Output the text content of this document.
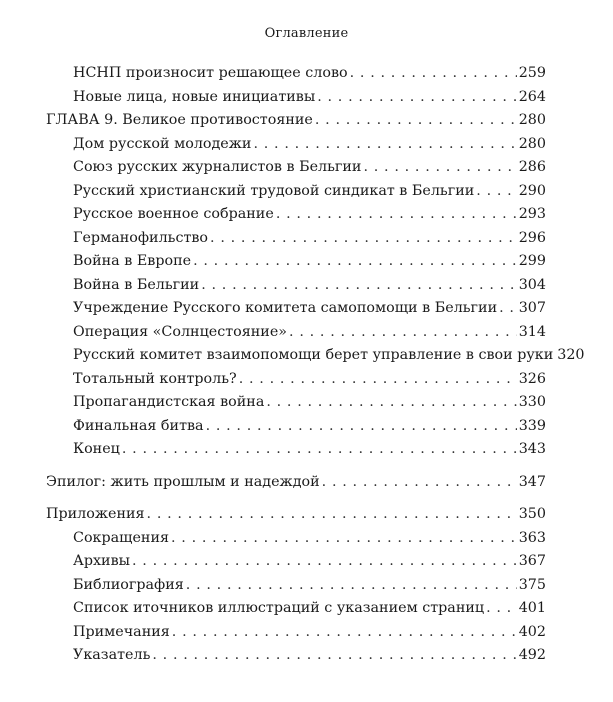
Оглавление
НСНП произносит решающее слово . . .	259
Новые лица, новые инициативы . . .	264
ГЛАВА 9. Великое противостояние . . .	280
Дом русской молодежи . . .	280
Союз русских журналистов в Бельгии . . .	286
Русский христианский трудовой синдикат в Бельгии . . .	290
Русское военное собрание . . .	293
Германофильство . . .	296
Война в Европе . . .	299
Война в Бельгии . . .	304
Учреждение Русского комитета самопомощи в Бельгии . . . 307
Операция «Солнцестояние» . . .	314
Русский комитет взаимопомощи берет управление в свои руки 320
Тотальный контроль? . . .	326
Пропагандистская война . . .	330
Финальная битва . . .	339
Конец . . .	343
Эпилог: жить прошлым и надеждой . . .	347
Приложения . . .	350
Сокращения . . .	363
Архивы . . .	367
Библиография . . .	375
Список иточников иллюстраций с указанием страниц . . . 401
Примечания . . .	402
Указатель . . .	492
